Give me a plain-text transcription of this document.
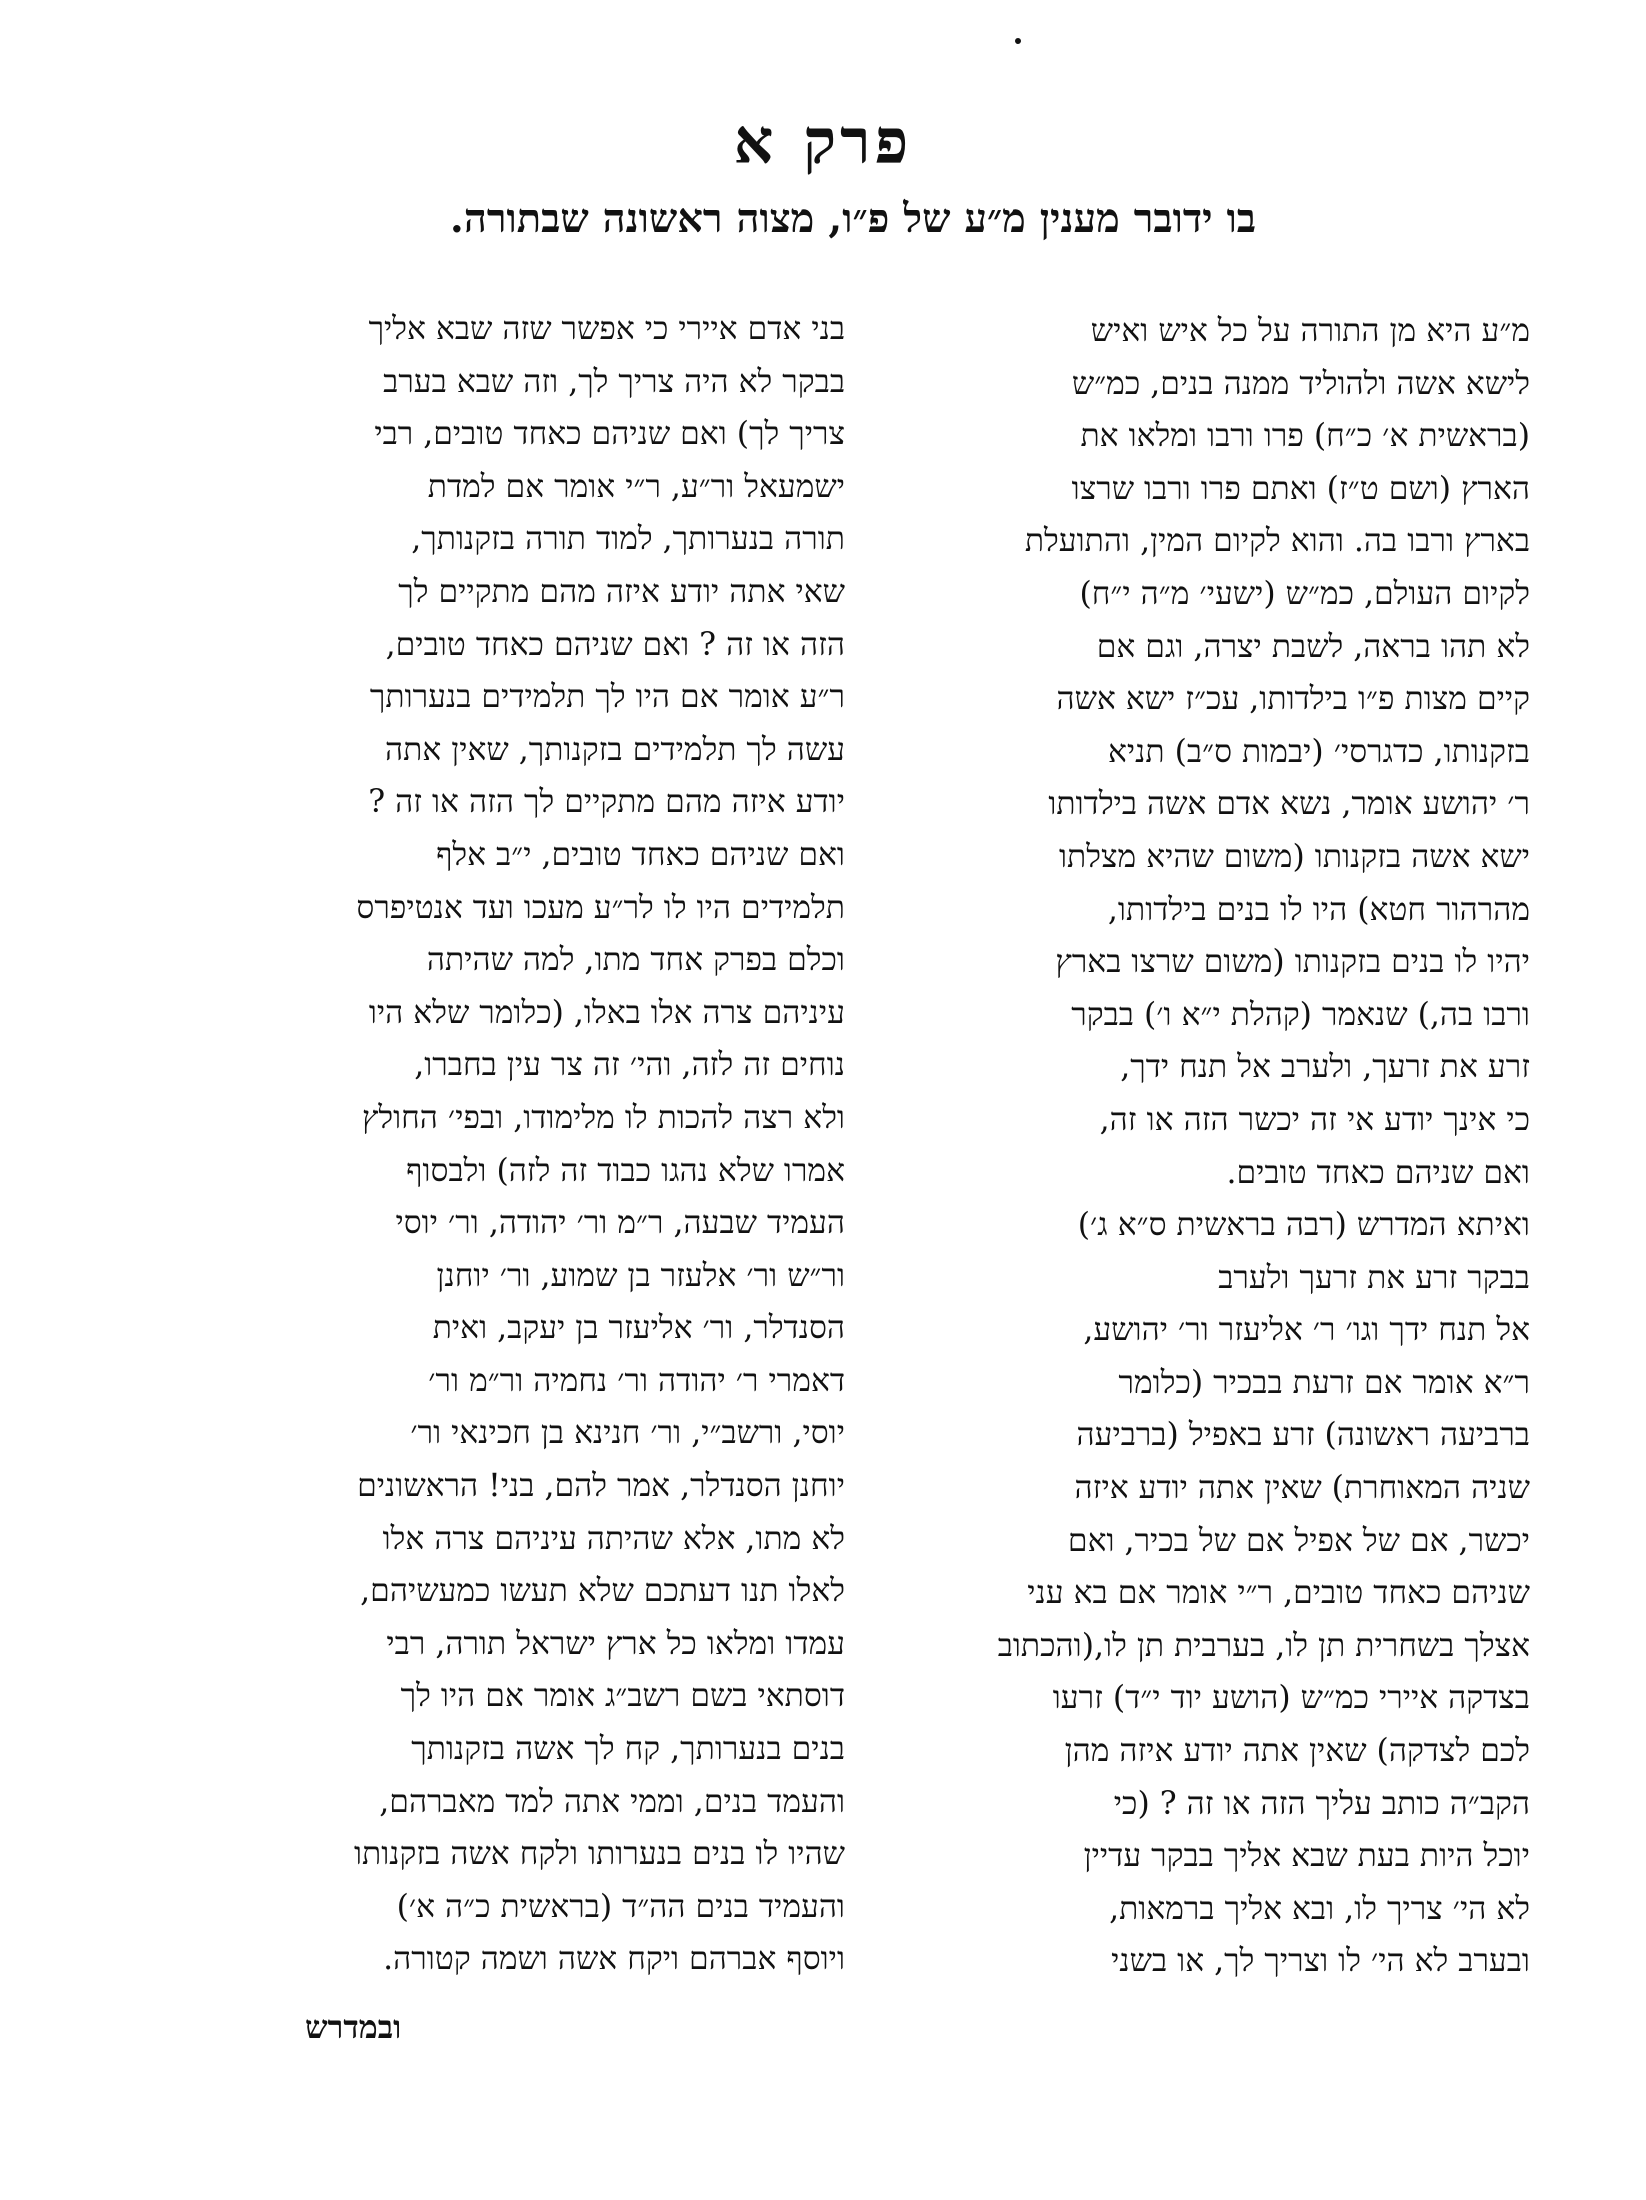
פרק א
בו ידובר מענין מ״ע של פ״ו, מצוה ראשונה שבתורה.
מ״ע היא מן התורה על כל איש ואיש
לישא אשה ולהוליד ממנה בנים, כמ״ש
(בראשית א׳ כ״ח) פרו ורבו ומלאו את
הארץ (ושם ט״ז) ואתם פרו ורבו שרצו
בארץ ורבו בה. והוא לקיום המין, והתועלת
לקיום העולם, כמ״ש (ישעי׳ מ״ה י״ח)
לא תהו בראה, לשבת יצרה, וגם אם
קיים מצות פ״ו בילדותו, עכ״ז ישא אשה
בזקנותו, כדגרסי׳ (יבמות ס״ב) תניא
ר׳ יהושע אומר, נשא אדם אשה בילדותו
ישא אשה בזקנותו (משום שהיא מצלתו
מהרהור חטא) היו לו בנים בילדותו,
יהיו לו בנים בזקנותו (משום שרצו בארץ
ורבו בה,) שנאמר (קהלת י״א ו׳) בבקר
זרע את זרעך, ולערב אל תנח ידך,
כי אינך יודע אי זה יכשר הזה או זה,
ואם שניהם כאחד טובים.
ואיתא המדרש (רבה בראשית ס״א ג׳)
בבקר זרע את זרעך ולערב
אל תנח ידך וגו׳ ר׳ אליעזר ור׳ יהושע,
ר״א אומר אם זרעת בבכיר (כלומר
ברביעה ראשונה) זרע באפיל (ברביעה
שניה המאוחרת) שאין אתה יודע איזה
יכשר, אם של אפיל אם של בכיר, ואם
שניהם כאחד טובים, ר״י אומר אם בא עני
אצלך בשחרית תן לו, בערבית תן לו,(והכתוב
בצדקה איירי כמ״ש (הושע יוד י״ד) זרעו
לכם לצדקה) שאין אתה יודע איזה מהן
הקב״ה כותב עליך הזה או זה ? (כי
יוכל היות בעת שבא אליך בבקר עדיין
לא הי׳ צריך לו, ובא אליך ברמאות,
ובערב לא הי׳ לו וצריך לך, או בשני
בני אדם איירי כי אפשר שזה שבא אליך
בבקר לא היה צריך לך, וזה שבא בערב
צריך לך) ואם שניהם כאחד טובים, רבי
ישמעאל ור״ע, ר״י אומר אם למדת
תורה בנערותך, למוד תורה בזקנותך,
שאי אתה יודע איזה מהם מתקיים לך
הזה או זה ? ואם שניהם כאחד טובים,
ר״ע אומר אם היו לך תלמידים בנערותך
עשה לך תלמידים בזקנותך, שאין אתה
יודע איזה מהם מתקיים לך הזה או זה ?
ואם שניהם כאחד טובים, י״ב אלף
תלמידים היו לו לר״ע מעכו ועד אנטיפרס
וכלם בפרק אחד מתו, למה שהיתה
עיניהם צרה אלו באלו, (כלומר שלא היו
נוחים זה לזה, והי׳ זה צר עין בחברו,
ולא רצה להכות לו מלימודו, ובפי׳ החולץ
אמרו שלא נהגו כבוד זה לזה) ולבסוף
העמיד שבעה, ר״מ ור׳ יהודה, ור׳ יוסי
ור״ש ור׳ אלעזר בן שמוע, ור׳ יוחנן
הסנדלר, ור׳ אליעזר בן יעקב, ואית
דאמרי ר׳ יהודה ור׳ נחמיה ור״מ ור׳
יוסי, ורשב״י, ור׳ חנינא בן חכינאי ור׳
יוחנן הסנדלר, אמר להם, בני! הראשונים
לא מתו, אלא שהיתה עיניהם צרה אלו
לאלו תנו דעתכם שלא תעשו כמעשיהם,
עמדו ומלאו כל ארץ ישראל תורה, רבי
דוסתאי בשם רשב״ג אומר אם היו לך
בנים בנערותך, קח לך אשה בזקנותך
והעמד בנים, וממי אתה למד מאברהם,
שהיו לו בנים בנערותו ולקח אשה בזקנותו
והעמיד בנים הה״ד (בראשית כ״ה א׳)
ויוסף אברהם ויקח אשה ושמה קטורה.
ובמדרש
